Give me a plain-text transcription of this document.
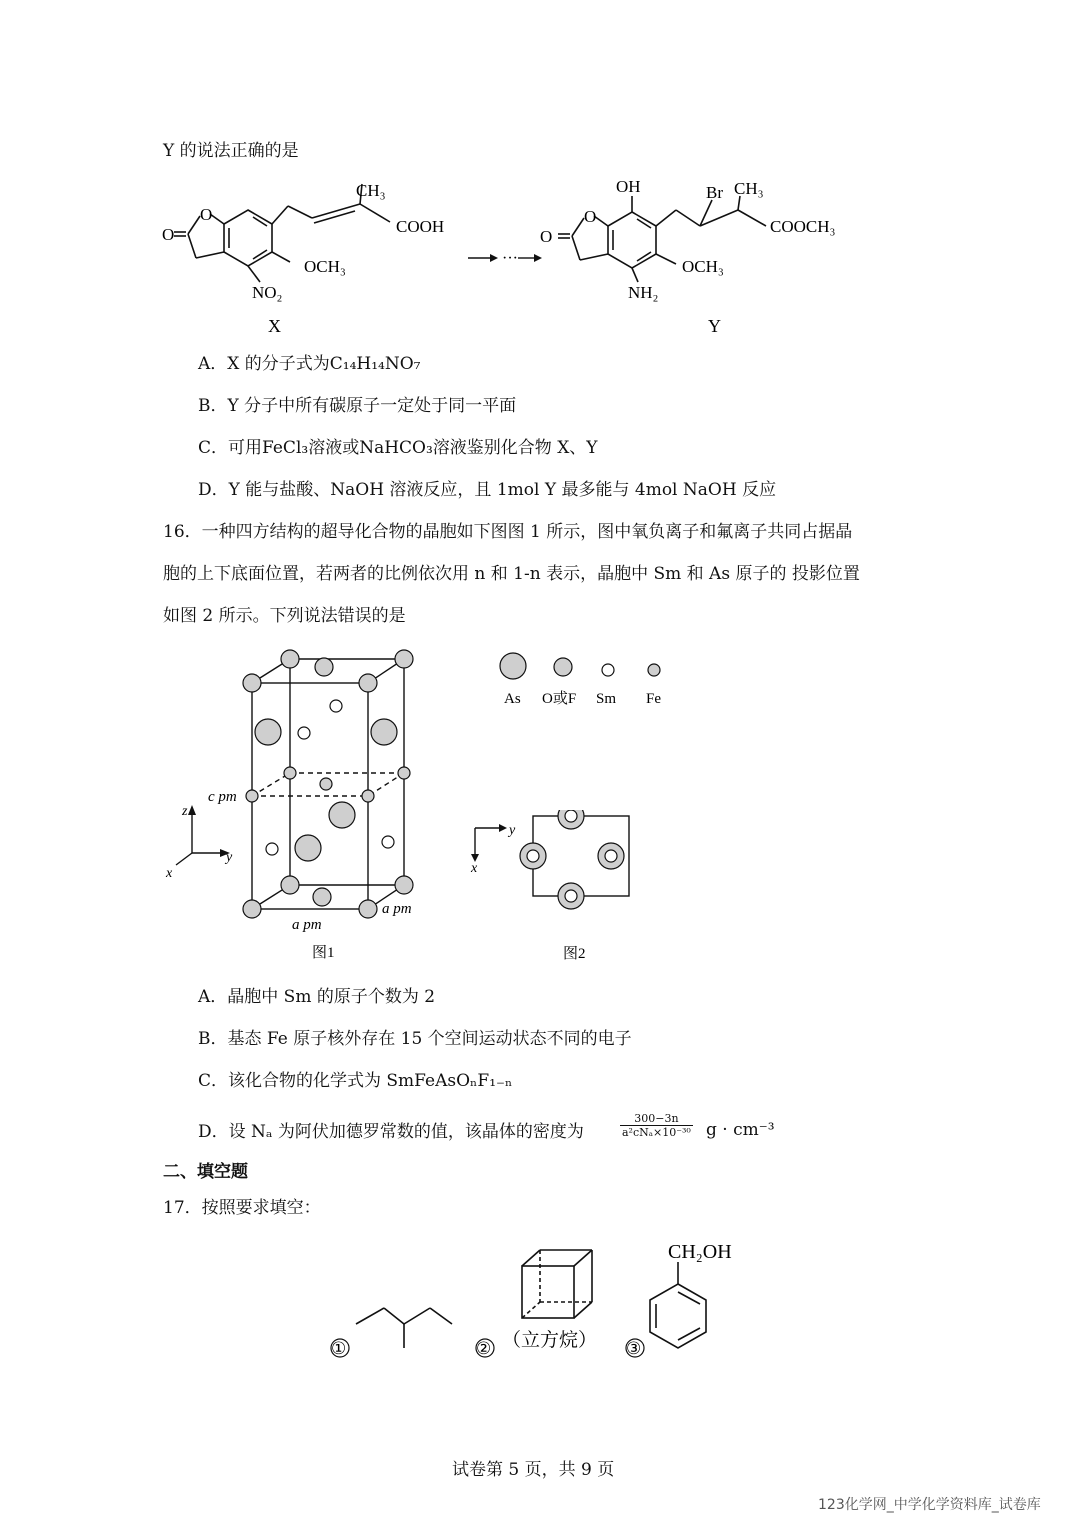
Y 的说法正确的是
O
O
CH₃
COOH
OCH₃
NO₂
X
···
O
O
OH	Br CH₃
COOCH₃
OCH₃
NH₂
Y
A．X 的分子式为C₁₄H₁₄NO₇
B．Y 分子中所有碳原子一定处于同一平面
C．可用FeCl₃溶液或NaHCO₃溶液鉴别化合物 X、Y
D．Y 能与盐酸、NaOH 溶液反应，且 1mol Y 最多能与 4mol NaOH 反应
16．一种四方结构的超导化合物的晶胞如下图图 1 所示，图中氧负离子和氟离子共同占据晶
胞的上下底面位置，若两者的比例依次用 n 和 1-n 表示，晶胞中 Sm 和 As 原子的 投影位置
如图 2 所示。下列说法错误的是
c pm
a pm
a pm
z
y
x
图1
As O或F Sm Fe
y
x
图2
A．晶胞中 Sm 的原子个数为 2
B．基态 Fe 原子核外存在 15 个空间运动状态不同的电子
C．该化合物的化学式为 SmFeAsOₙF₁₋ₙ
D．设 Nₐ 为阿伏加德罗常数的值，该晶体的密度为
300−3n
a²cNₐ×10⁻³⁰ g · cm⁻³
二、填空题
17．按照要求填空：
①	②	③
（立方烷）
CH₂OH
试卷第 5 页，共 9 页
123化学网_中学化学资料库_试卷库
